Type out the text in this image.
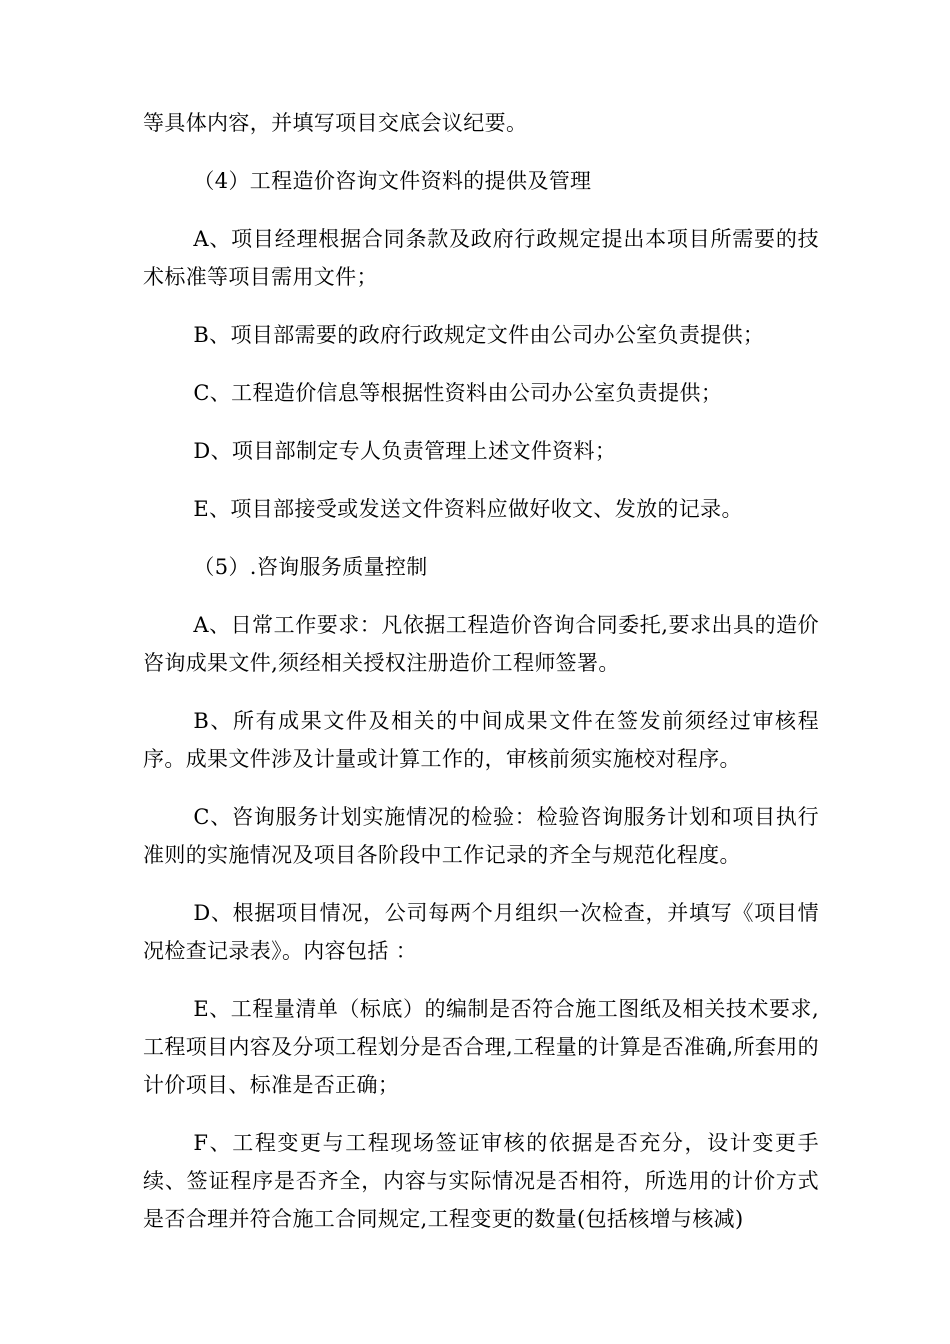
等具体内容，并填写项目交底会议纪要。

（4）工程造价咨询文件资料的提供及管理

A、项目经理根据合同条款及政府行政规定提出本项目所需要的技术标准等项目需用文件；

B、项目部需要的政府行政规定文件由公司办公室负责提供；

C、工程造价信息等根据性资料由公司办公室负责提供；

D、项目部制定专人负责管理上述文件资料；

E、项目部接受或发送文件资料应做好收文、发放的记录。

（5）.咨询服务质量控制

A、日常工作要求：凡依据工程造价咨询合同委托,要求出具的造价咨询成果文件,须经相关授权注册造价工程师签署。

B、所有成果文件及相关的中间成果文件在签发前须经过审核程序。成果文件涉及计量或计算工作的，审核前须实施校对程序。

C、咨询服务计划实施情况的检验：检验咨询服务计划和项目执行准则的实施情况及项目各阶段中工作记录的齐全与规范化程度。

D、根据项目情况，公司每两个月组织一次检查，并填写《项目情况检查记录表》。内容包括 ：

E、工程量清单（标底）的编制是否符合施工图纸及相关技术要求,工程项目内容及分项工程划分是否合理,工程量的计算是否准确,所套用的计价项目、标准是否正确；

F、工程变更与工程现场签证审核的依据是否充分，设计变更手续、签证程序是否齐全，内容与实际情况是否相符，所选用的计价方式是否合理并符合施工合同规定,工程变更的数量(包括核增与核减)
